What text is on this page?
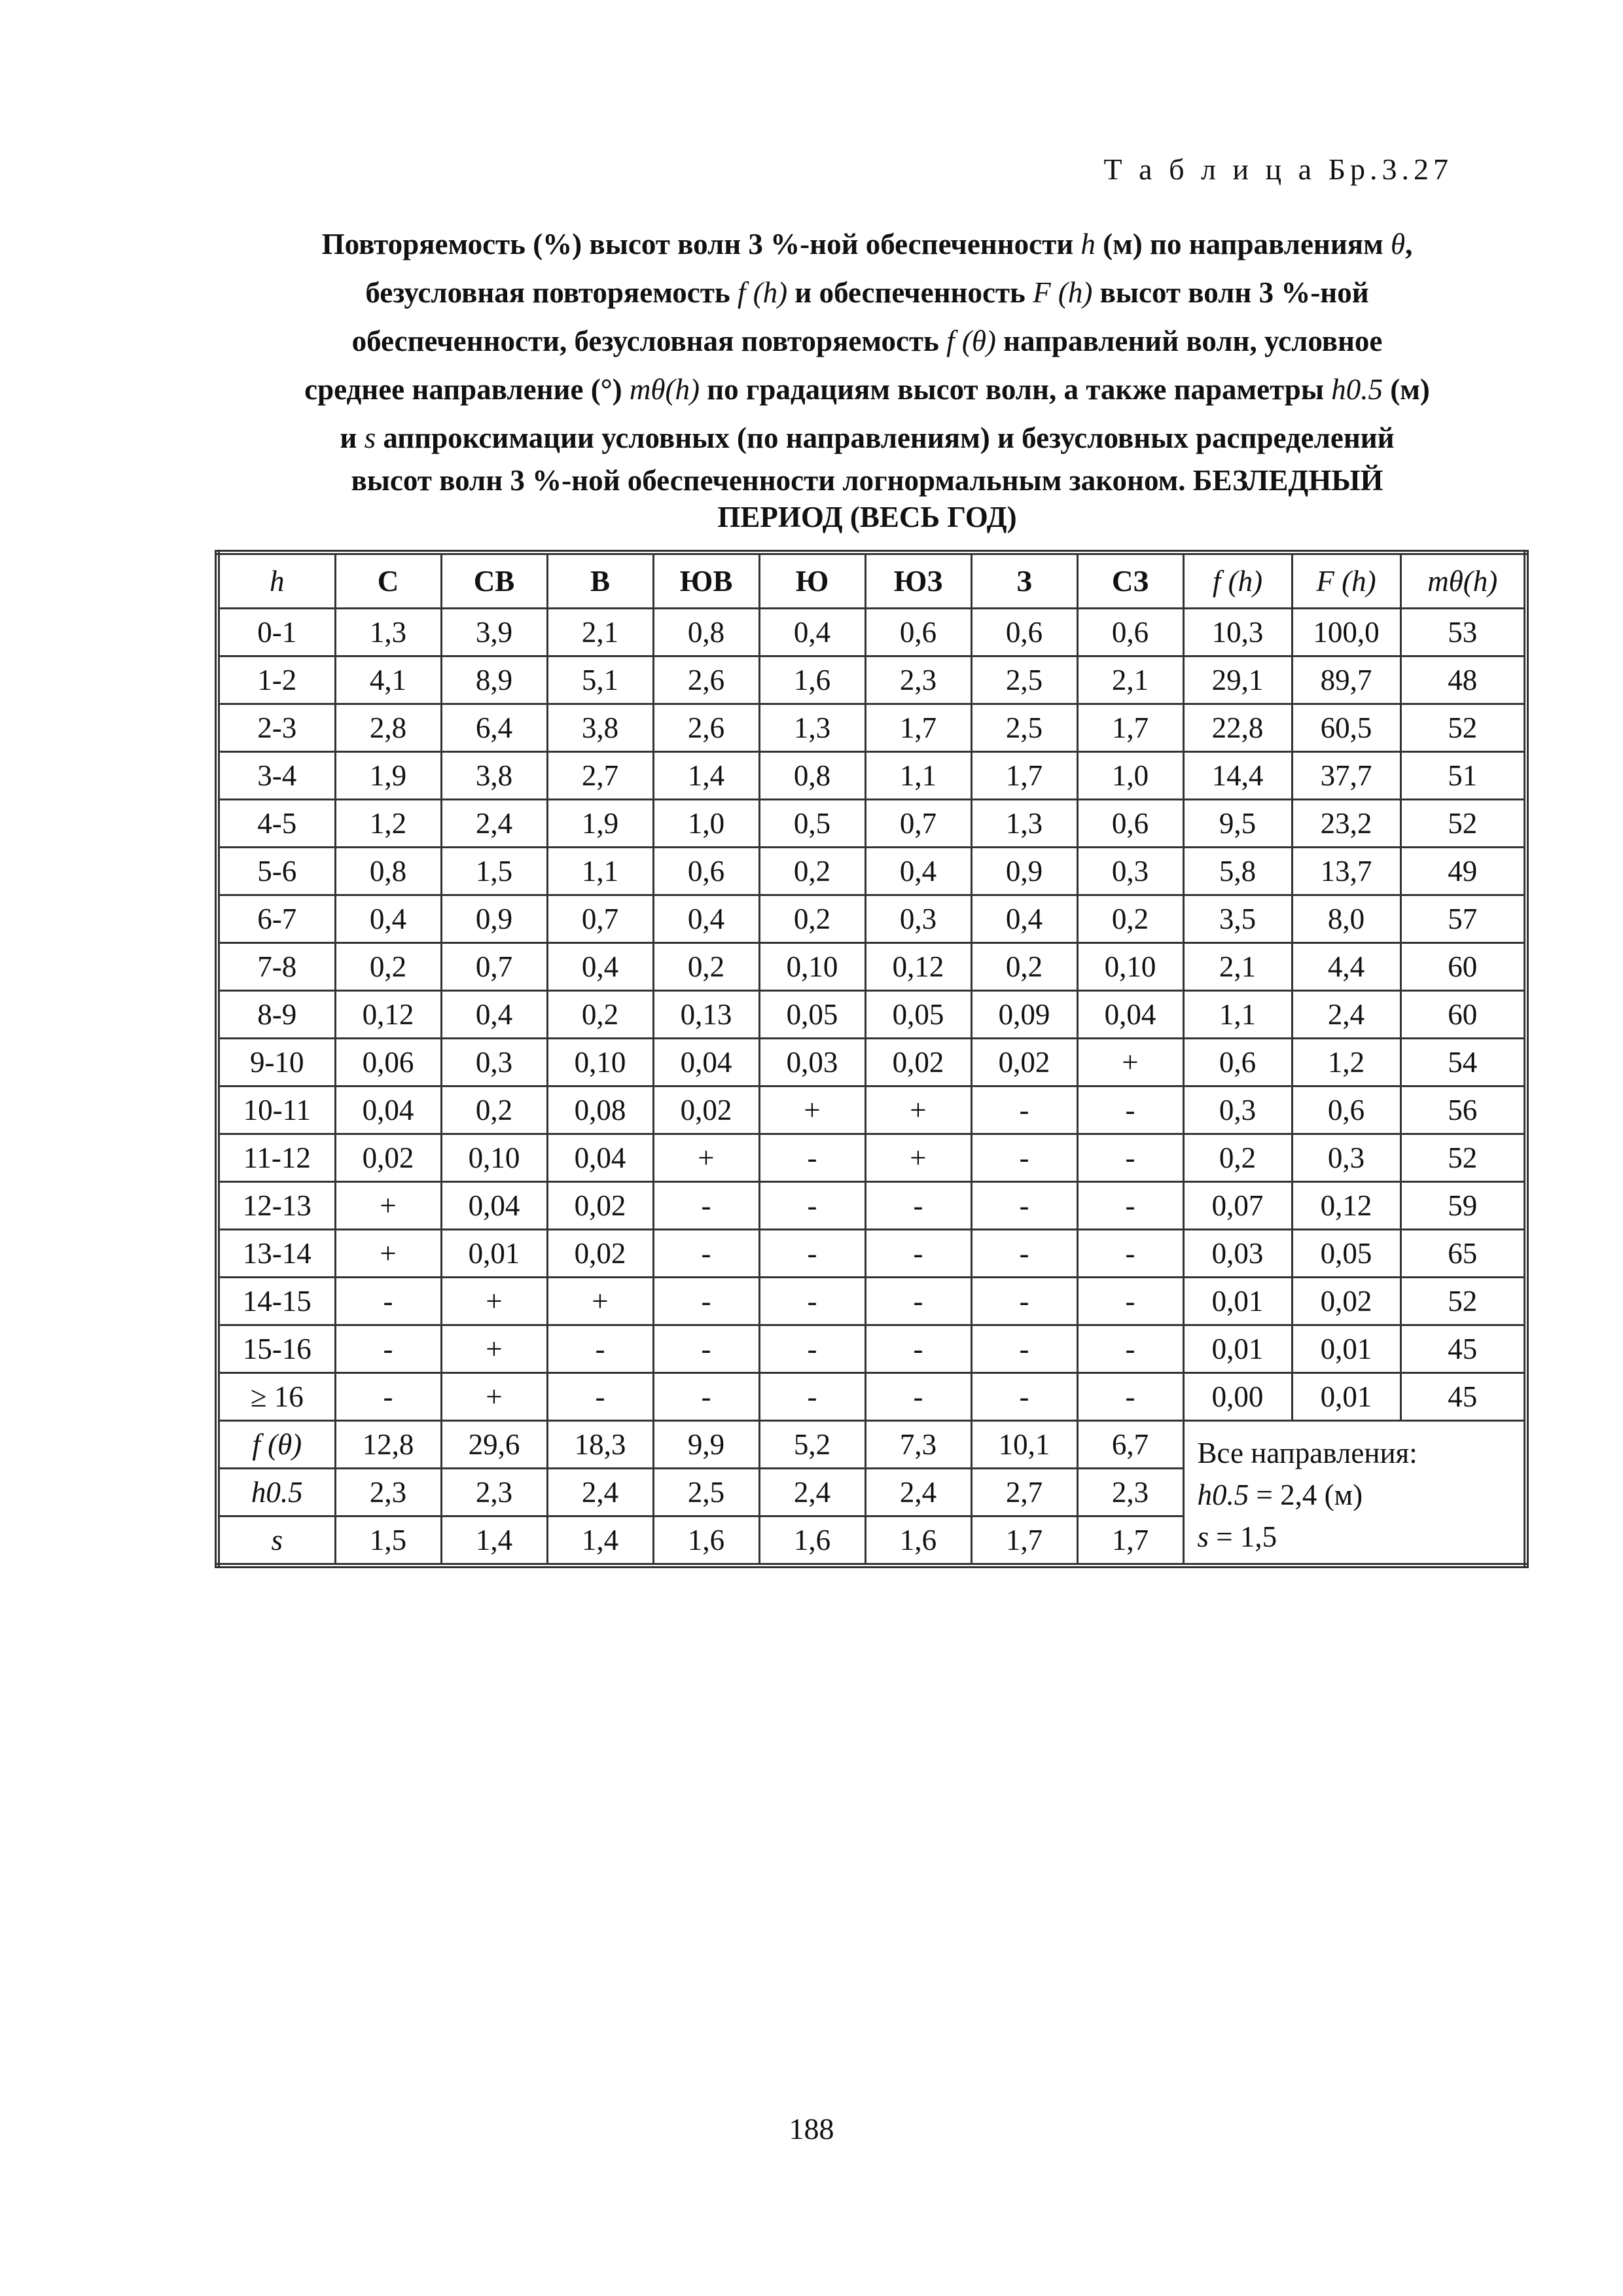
Т а б л и ц а Бр.3.27
Повторяемость (%) высот волн 3 %-ной обеспеченности h (м) по направлениям θ,
безусловная повторяемость f (h) и обеспеченность F (h) высот волн 3 %-ной
обеспеченности, безусловная повторяемость f (θ) направлений волн, условное
среднее направление (°) mθ(h) по градациям высот волн, а также параметры h0.5 (м)
и s аппроксимации условных (по направлениям) и безусловных распределений
высот волн 3 %-ной обеспеченности логнормальным законом. БЕЗЛЕДНЫЙ
ПЕРИОД (ВЕСЬ ГОД)
h	С	СВ	В	ЮВ	Ю	ЮЗ	З	СЗ	f (h)	F (h)	mθ(h)
0-1	1,3	3,9	2,1	0,8	0,4	0,6	0,6	0,6	10,3	100,0	53
1-2	4,1	8,9	5,1	2,6	1,6	2,3	2,5	2,1	29,1	89,7	48
2-3	2,8	6,4	3,8	2,6	1,3	1,7	2,5	1,7	22,8	60,5	52
3-4	1,9	3,8	2,7	1,4	0,8	1,1	1,7	1,0	14,4	37,7	51
4-5	1,2	2,4	1,9	1,0	0,5	0,7	1,3	0,6	9,5	23,2	52
5-6	0,8	1,5	1,1	0,6	0,2	0,4	0,9	0,3	5,8	13,7	49
6-7	0,4	0,9	0,7	0,4	0,2	0,3	0,4	0,2	3,5	8,0	57
7-8	0,2	0,7	0,4	0,2	0,10	0,12	0,2	0,10	2,1	4,4	60
8-9	0,12	0,4	0,2	0,13	0,05	0,05	0,09	0,04	1,1	2,4	60
9-10	0,06	0,3	0,10	0,04	0,03	0,02	0,02	+	0,6	1,2	54
10-11	0,04	0,2	0,08	0,02	+	+	-	-	0,3	0,6	56
11-12	0,02	0,10	0,04	+	-	+	-	-	0,2	0,3	52
12-13	+	0,04	0,02	-	-	-	-	-	0,07	0,12	59
13-14	+	0,01	0,02	-	-	-	-	-	0,03	0,05	65
14-15	-	+	+	-	-	-	-	-	0,01	0,02	52
15-16	-	+	-	-	-	-	-	-	0,01	0,01	45
≥ 16	-	+	-	-	-	-	-	-	0,00	0,01	45
f (θ)	12,8	29,6	18,3	9,9	5,2	7,3	10,1	6,7	Все направления:
h0.5 = 2,4 (м)
s = 1,5		

h0.5	2,3	2,3	2,4	2,5	2,4	2,4	2,7	2,3			
s	1,5	1,4	1,4	1,6	1,6	1,6	1,7	1,7			
188
